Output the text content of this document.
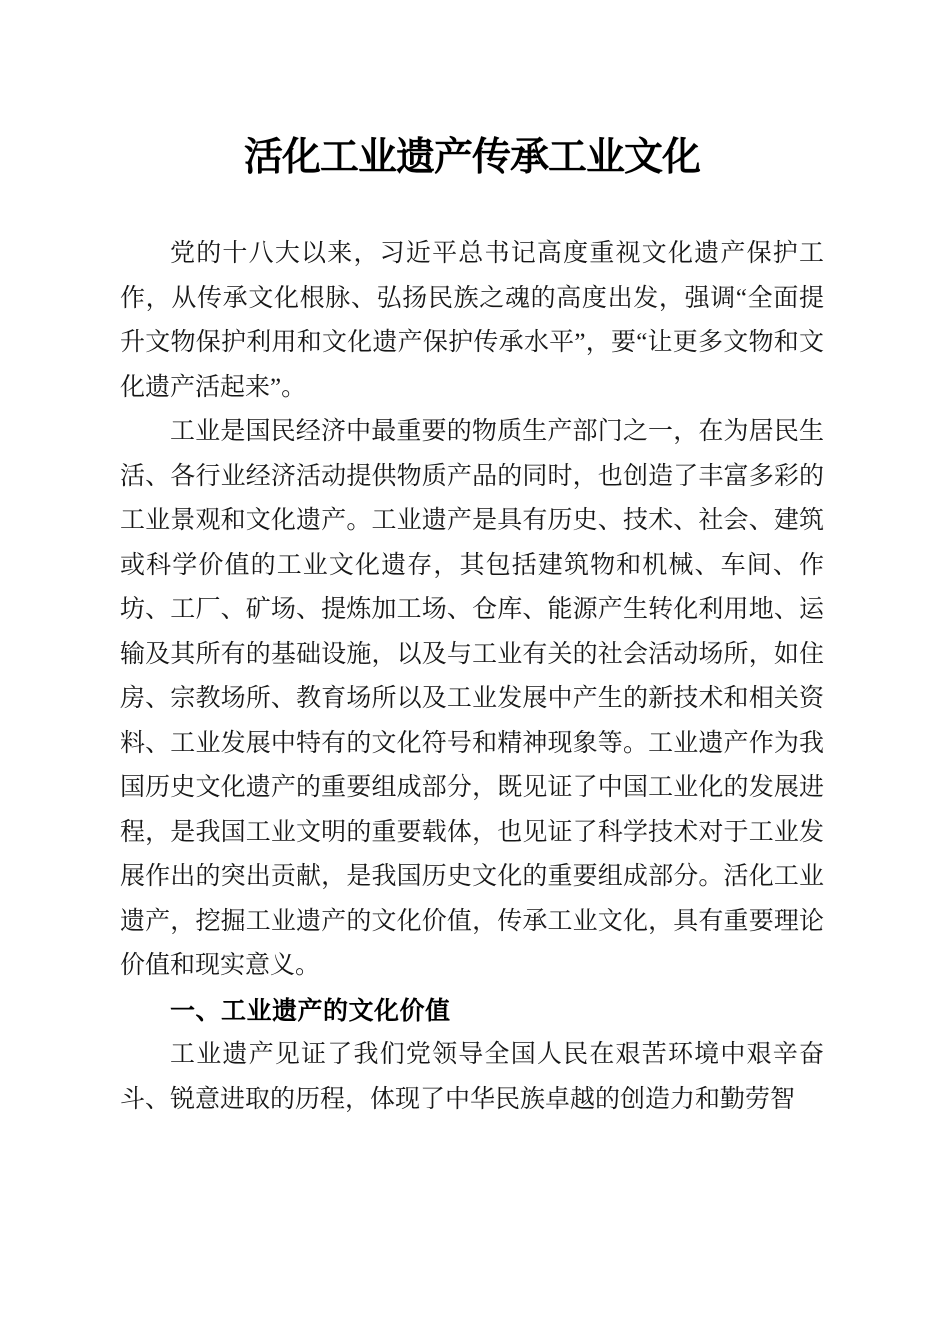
活化工业遗产传承工业文化

党的十八大以来，习近平总书记高度重视文化遗产保护工作，从传承文化根脉、弘扬民族之魂的高度出发，强调“全面提升文物保护利用和文化遗产保护传承水平”，要“让更多文物和文化遗产活起来”。

工业是国民经济中最重要的物质生产部门之一，在为居民生活、各行业经济活动提供物质产品的同时，也创造了丰富多彩的工业景观和文化遗产。工业遗产是具有历史、技术、社会、建筑或科学价值的工业文化遗存，其包括建筑物和机械、车间、作坊、工厂、矿场、提炼加工场、仓库、能源产生转化利用地、运输及其所有的基础设施，以及与工业有关的社会活动场所，如住房、宗教场所、教育场所以及工业发展中产生的新技术和相关资料、工业发展中特有的文化符号和精神现象等。工业遗产作为我国历史文化遗产的重要组成部分，既见证了中国工业化的发展进程，是我国工业文明的重要载体，也见证了科学技术对于工业发展作出的突出贡献，是我国历史文化的重要组成部分。活化工业遗产，挖掘工业遗产的文化价值，传承工业文化，具有重要理论价值和现实意义。

一、工业遗产的文化价值

工业遗产见证了我们党领导全国人民在艰苦环境中艰辛奋斗、锐意进取的历程，体现了中华民族卓越的创造力和勤劳智
